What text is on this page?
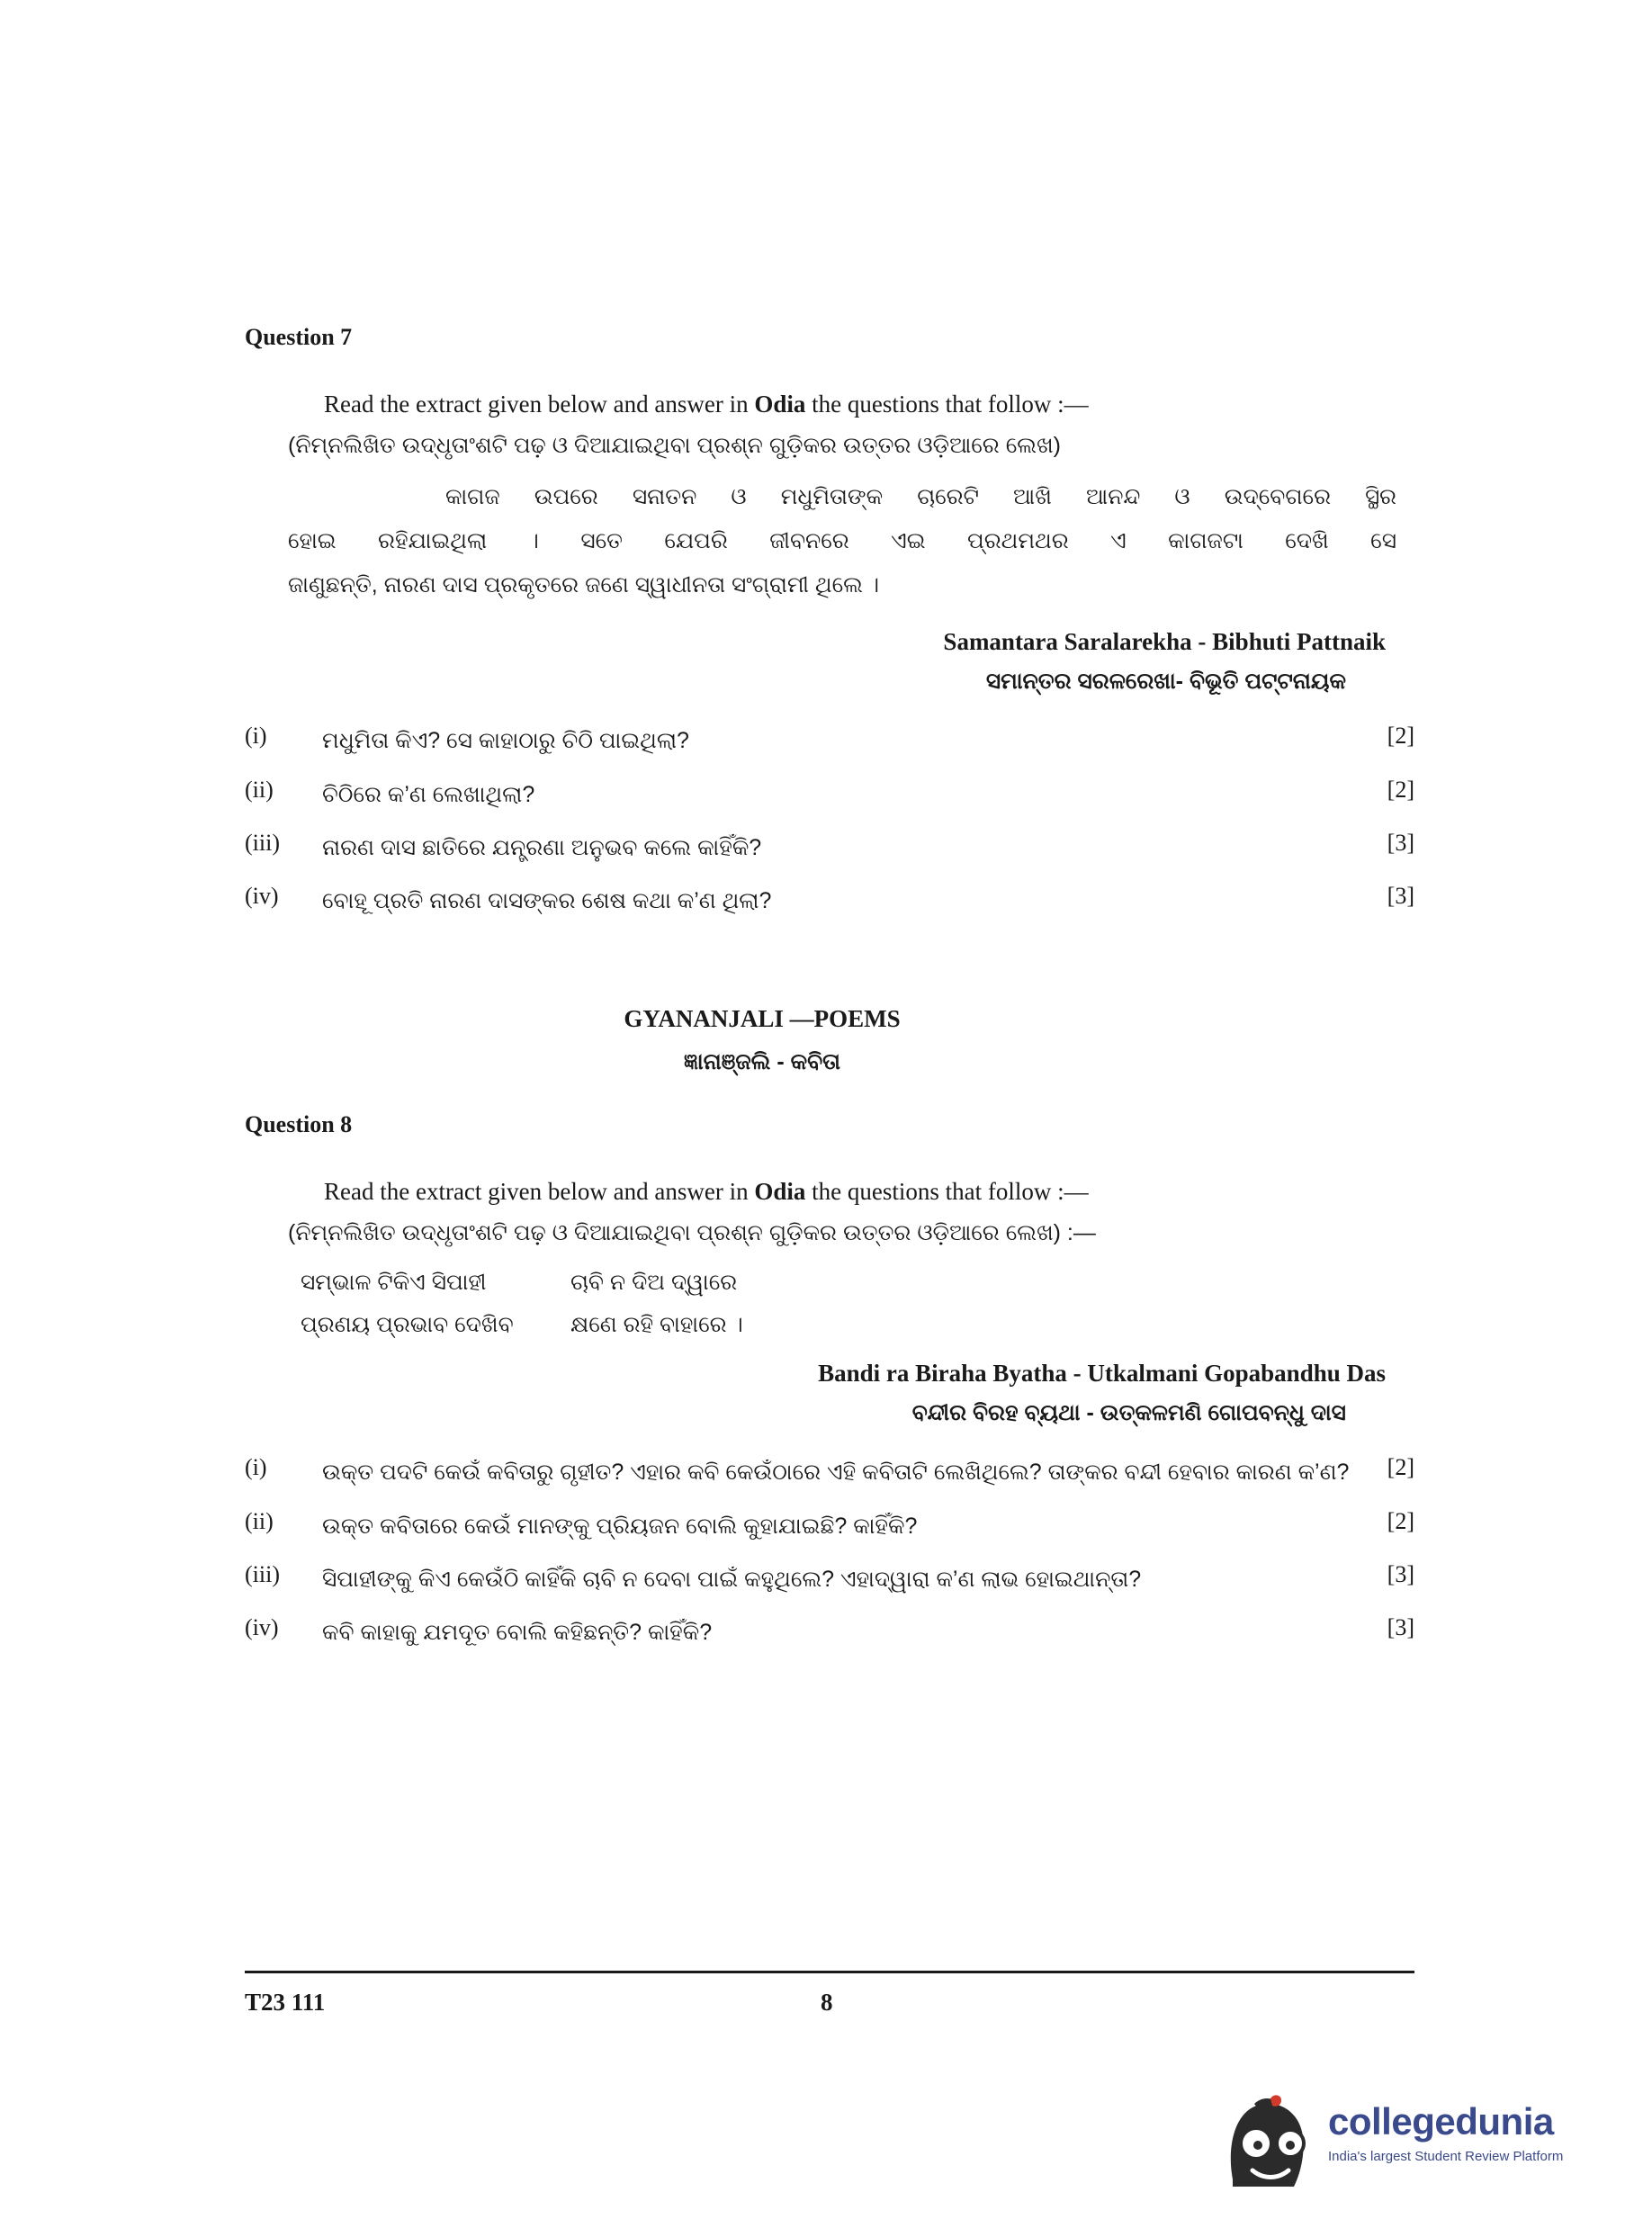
Question 7
Read the extract given below and answer in Odia the questions that follow :—
(ନିମ୍ନଲିଖିତ ଉଦ୍ଧୃତାଂଶଟି ପଢ଼ ଓ ଦିଆଯାଇଥିବା ପ୍ରଶ୍ନ ଗୁଡ଼ିକର ଉତ୍ତର ଓଡ଼ିଆରେ ଲେଖ)
କାଗଜ ଉପରେ ସନାତନ ଓ ମଧୁମିତାଙ୍କ ଚାରେଟି ଆଖି ଆନନ୍ଦ ଓ ଉଦ୍‌ବେଗରେ ସ୍ଥିର
ହୋଇ ରହିଯାଇଥିଲା । ସତେ ଯେପରି ଜୀବନରେ ଏଇ ପ୍ରଥମଥର ଏ କାଗଜଟା ଦେଖି ସେ
ଜାଣୁଛନ୍ତି, ନାରଣ ଦାସ ପ୍ରକୃତରେ ଜଣେ ସ୍ୱାଧୀନତା ସଂଗ୍ରାମୀ ଥିଲେ ।
Samantara Saralarekha - Bibhuti Pattnaik
ସମାନ୍ତର ସରଳରେଖା- ବିଭୂତି ପଟ୍ଟନାୟକ
(i)	ମଧୁମିତା କିଏ? ସେ କାହାଠାରୁ ଚିଠି ପାଇଥିଲା?	[2]
(ii)	ଚିଠିରେ କ’ଣ ଲେଖାଥିଲା?	[2]
(iii)	ନାରଣ ଦାସ ଛାତିରେ ଯନ୍ତ୍ରଣା ଅନୁଭବ କଲେ କାହିଁକି?	[3]
(iv)	ବୋହୂ ପ୍ରତି ନାରଣ ଦାସଙ୍କର ଶେଷ କଥା କ’ଣ ଥିଲା?	[3]
GYANANJALI —POEMS
ଜ୍ଞାନାଞ୍ଜଲି - କବିତା
Question 8
Read the extract given below and answer in Odia the questions that follow :—
(ନିମ୍ନଲିଖିତ ଉଦ୍ଧୃତାଂଶଟି ପଢ଼ ଓ ଦିଆଯାଇଥିବା ପ୍ରଶ୍ନ ଗୁଡ଼ିକର ଉତ୍ତର ଓଡ଼ିଆରେ ଲେଖ) :—
ସମ୍ଭାଳ ଟିକିଏ ସିପାହୀ	ଚାବି ନ ଦିଅ ଦ୍ୱାରେ
ପ୍ରଣୟ ପ୍ରଭାବ ଦେଖିବ	କ୍ଷଣେ ରହି ବାହାରେ ।
Bandi ra Biraha Byatha - Utkalmani Gopabandhu Das
ବନ୍ଦୀର ବିରହ ବ୍ୟଥା - ଉତ୍କଳମଣି ଗୋପବନ୍ଧୁ ଦାସ
(i)	ଉକ୍ତ ପଦଟି କେଉଁ କବିତାରୁ ଗୃହୀତ? ଏହାର କବି କେଉଁଠାରେ ଏହି କବିତାଟି ଲେଖିଥିଲେ? ତାଙ୍କର ବନ୍ଦୀ ହେବାର କାରଣ କ’ଣ?	[2]
(ii)	ଉକ୍ତ କବିତାରେ କେଉଁ ମାନଙ୍କୁ ପ୍ରିୟଜନ ବୋଲି କୁହାଯାଇଛି? କାହିଁକି?	[2]
(iii)	ସିପାହୀଙ୍କୁ କିଏ କେଉଁଠି କାହିଁକି ଚାବି ନ ଦେବା ପାଇଁ କହୁଥିଲେ? ଏହାଦ୍ୱାରା କ’ଣ ଲାଭ ହୋଇଥାନ୍ତା?	[3]
(iv)	କବି କାହାକୁ ଯମଦୂତ ବୋଲି କହିଛନ୍ତି? କାହିଁକି?	[3]
T23 111	8
collegedunia
India's largest Student Review Platform
